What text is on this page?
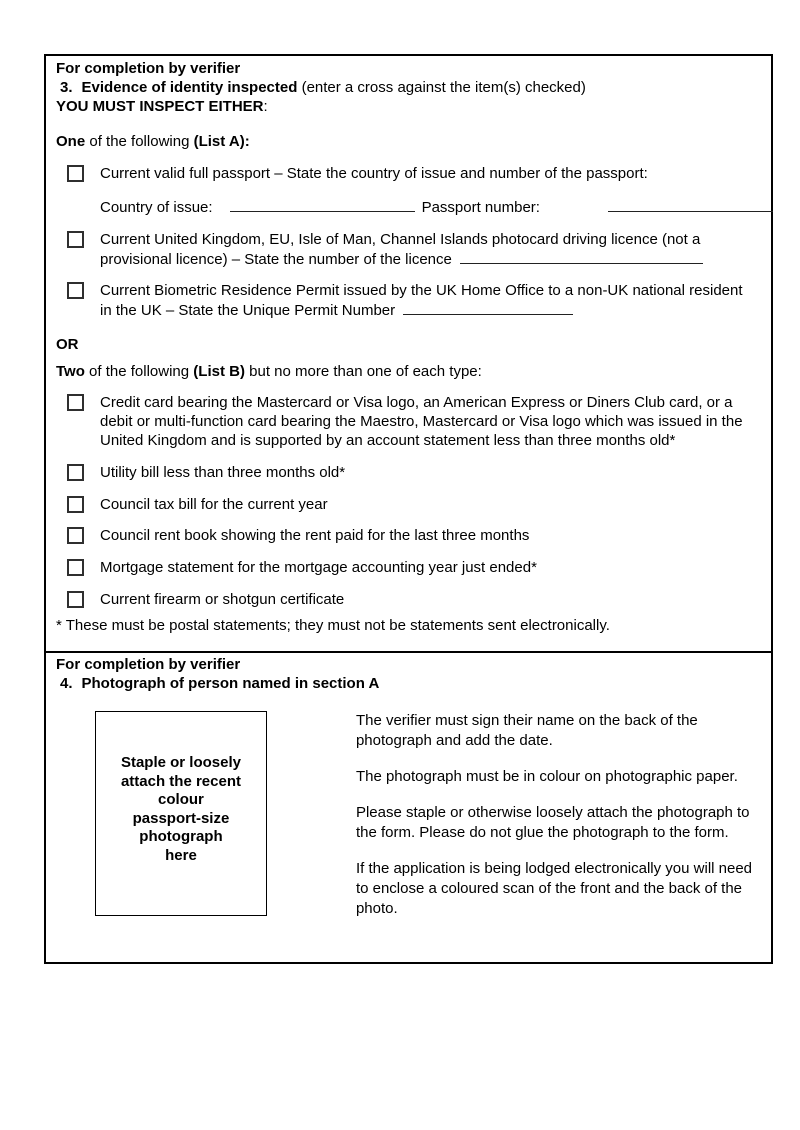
For completion by verifier
3. Evidence of identity inspected (enter a cross against the item(s) checked)
YOU MUST INSPECT EITHER:
One of the following (List A):
Current valid full passport – State the country of issue and number of the passport:
Country of issue:	Passport number:
Current United Kingdom, EU, Isle of Man, Channel Islands photocard driving licence (not a provisional licence) – State the number of the licence
Current Biometric Residence Permit issued by the UK Home Office to a non-UK national resident in the UK – State the Unique Permit Number
OR
Two of the following (List B) but no more than one of each type:
Credit card bearing the Mastercard or Visa logo, an American Express or Diners Club card, or a debit or multi-function card bearing the Maestro, Mastercard or Visa logo which was issued in the United Kingdom and is supported by an account statement less than three months old*
Utility bill less than three months old*
Council tax bill for the current year
Council rent book showing the rent paid for the last three months
Mortgage statement for the mortgage accounting year just ended*
Current firearm or shotgun certificate
* These must be postal statements; they must not be statements sent electronically.
For completion by verifier
4. Photograph of person named in section A
Staple or loosely
attach the recent
colour
passport-size
photograph
here

The verifier must sign their name on the back of the photograph and add the date.

The photograph must be in colour on photographic paper.

Please staple or otherwise loosely attach the photograph to the form. Please do not glue the photograph to the form.

If the application is being lodged electronically you will need to enclose a coloured scan of the front and the back of the photo.
